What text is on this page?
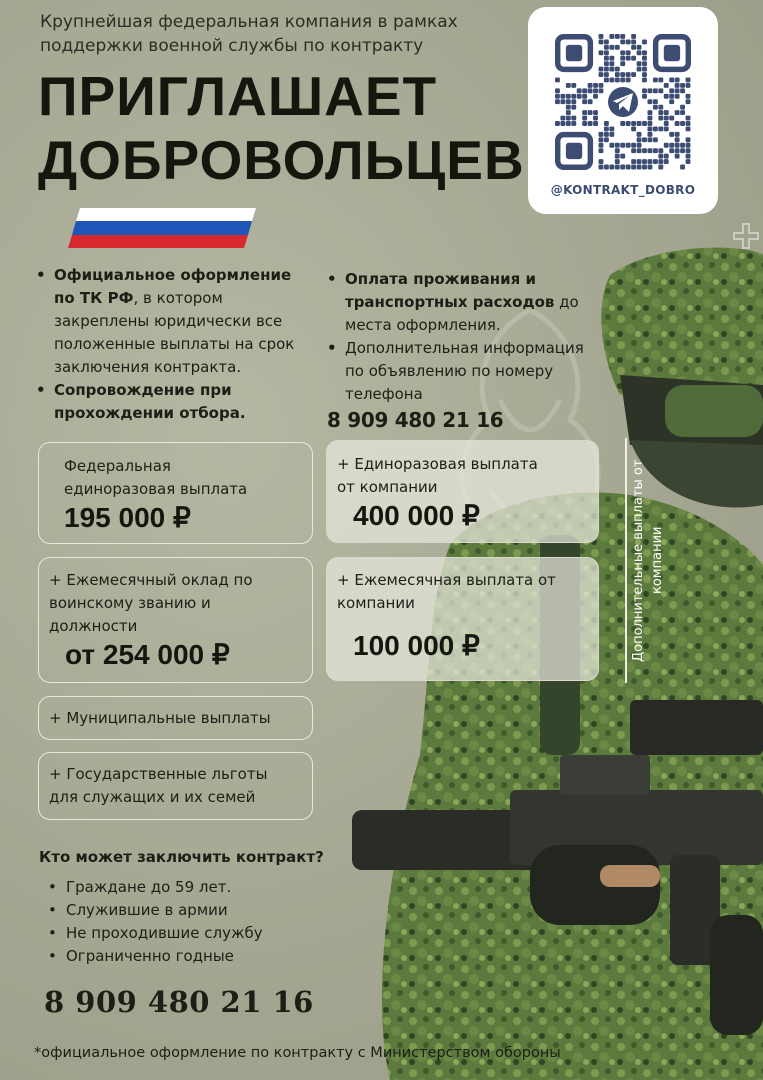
Крупнейшая федеральная компания в рамках поддержки военной службы по контракту
ПРИГЛАШАЕТ
ДОБРОВОЛЬЦЕВ	@KONTRAKT_DOBRO
• Официальное оформление по ТК РФ, в котором закреплены юридически все положенные выплаты на срок заключения контракта.
• Сопровождение при прохождении отбора.
• Оплата проживания и транспортных расходов до места оформления.
• Дополнительная информация по объявлению по номеру телефона
8 909 480 21 16
Федеральная единоразовая выплата
195 000 ₽
+ Ежемесячный оклад по воинскому званию и должности
от 254 000 ₽
+ Муниципальные выплаты
+ Государственные льготы для служащих и их семей
+ Единоразовая выплата от компании
400 000 ₽
+ Ежемесячная выплата от компании
100 000 ₽	Дополнительные выплаты от компании
Кто может заключить контракт?
• Граждане до 59 лет.
• Служившие в армии
• Не проходившие службу
• Ограниченно годные
8 909 480 21 16
*официальное оформление по контракту с Министерством обороны
